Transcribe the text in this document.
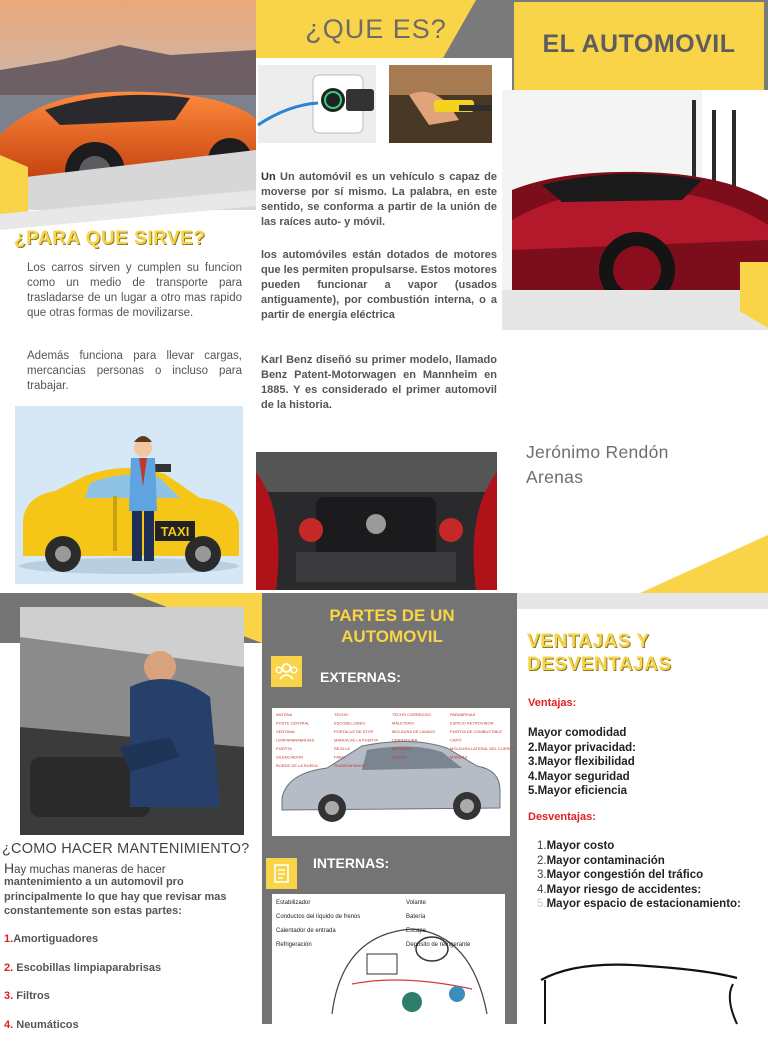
¿PARA QUE SIRVE?
Los carros sirven y cumplen su funcion como un medio de transporte para trasladarse de un lugar a otro mas rapido que otras formas de movilizarse.
Además funciona para llevar cargas, mercancias personas o incluso para trabajar.
TAXI
¿QUE ES?
Un Un automóvil es un vehículo s capaz de moverse por sí mismo. La palabra, en este sentido, se conforma a partir de la unión de las raíces auto- y móvil.
los automóviles están dotados de motores que les permiten propulsarse. Estos motores pueden funcionar a vapor (usados antiguamente), por combustión interna, o a partir de energía eléctrica
Karl Benz diseñó su primer modelo, llamado Benz Patent-Motorwagen en Mannheim en 1885. Y es considerado el primer automovil de la historia.
EL AUTOMOVIL
Jerónimo Rendón Arenas
¿COMO HACER MANTENIMIENTO?
Hay muchas maneras de hacer
mantenimiento a un automovil pro principalmente lo que hay que revisar mas constantemente son estas partes:
1.Amortiguadores
2. Escobillas limpiaparabrisas
3. Filtros
4. Neumáticos
PARTES DE UN AUTOMOVIL
EXTERNAS:
ANTENA	TECHO	TECHO CORREDIZO	PARABRISAS
POSTE CENTRAL	ESCOBILLONES	MALETERO	ESPEJO RETROVISOR
VENTANA	PORTALUZ DE STOP	MOLDURA DE LAVADO	PUERTA DE COMBUSTIBLE
LIMPIAPARABRISAS	MANIJA DE LA PUERTA	CERRADURA	CAPÓ
PUERTA	REJILLA	DEFENSA	MOLDURA LATERAL DEL CUERPO
SILENCIADOR	FARO	RUEDA	MANIJAS
BORDE DE LA RUEDA	GUARDAFANGO
INTERNAS:
Estabilizador	Volante
Conductos del líquido de frenos	Batería
Calentador de entrada	Escape
Refrigeración	Depósito de refrigerante
VENTAJAS Y DESVENTAJAS
Ventajas:
Mayor comodidad
2.Mayor privacidad:
3.Mayor flexibilidad
4.Mayor seguridad
5.Mayor eficiencia
Desventajas:
1.Mayor costo
2.Mayor contaminación
3.Mayor congestión del tráfico
4.Mayor riesgo de accidentes:
5.Mayor espacio de estacionamiento:
